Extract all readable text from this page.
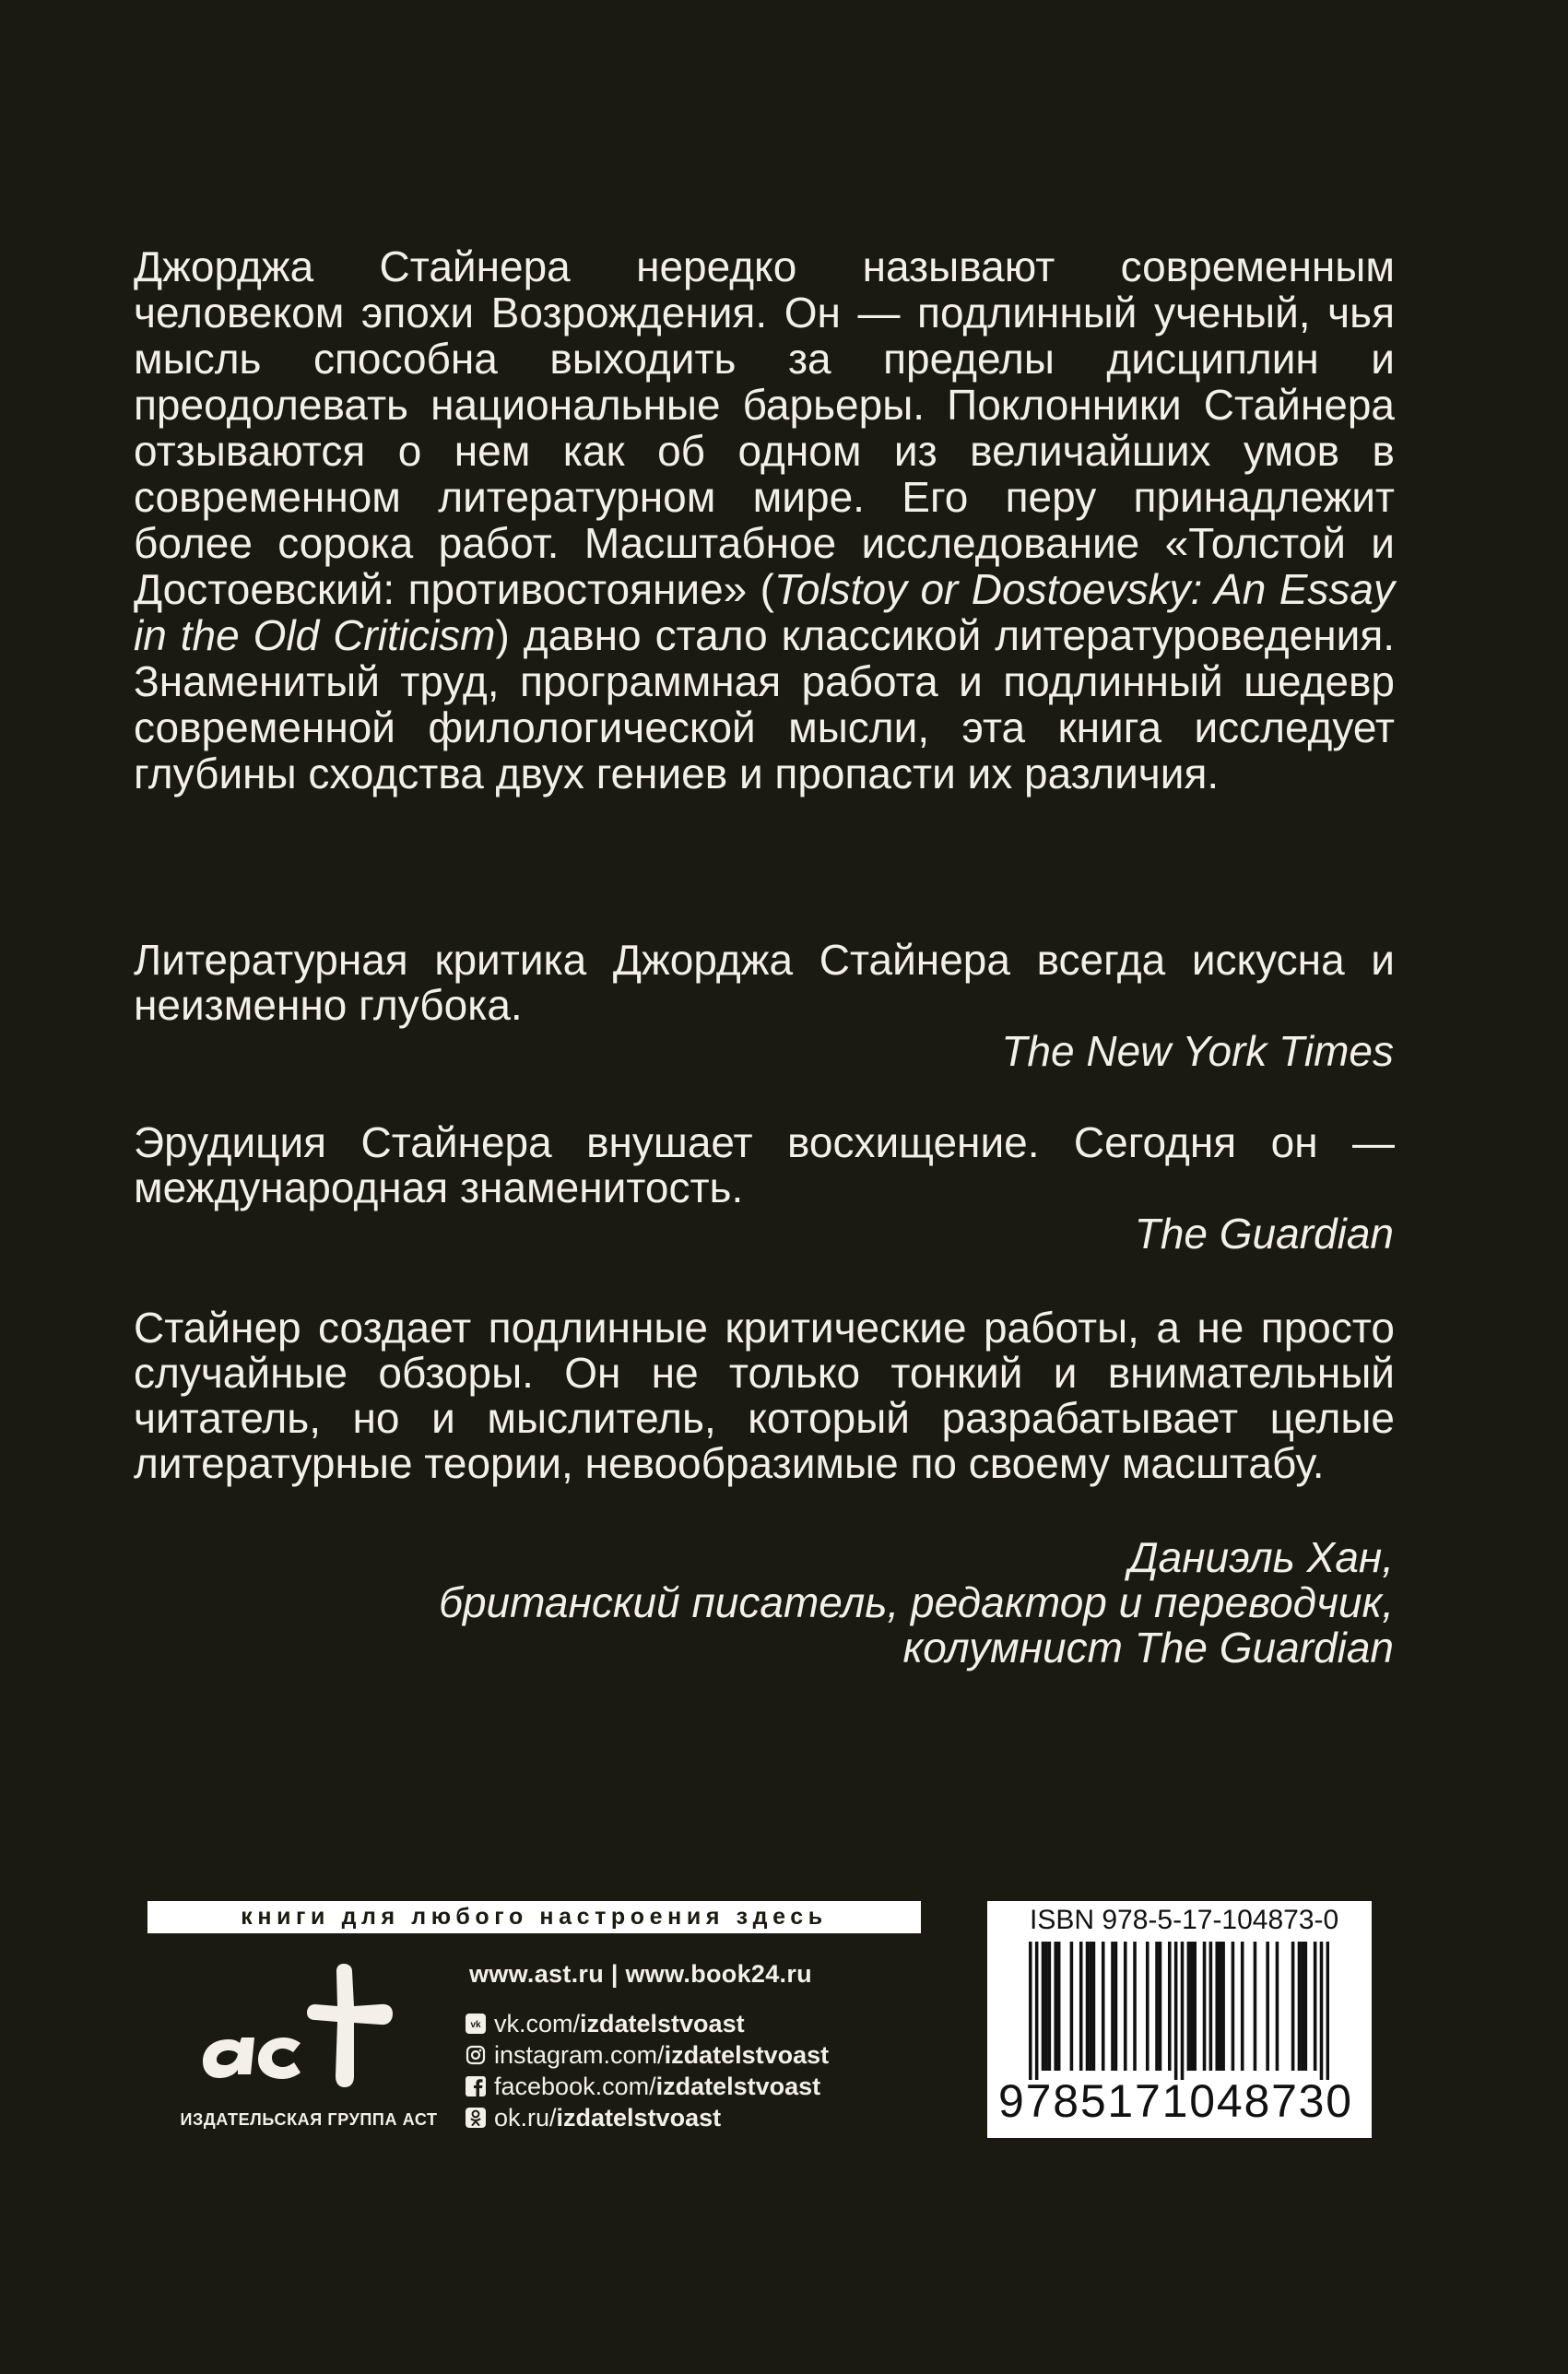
Джорджа Стайнера нередко называют современным человеком эпохи Возрождения. Он — подлинный ученый, чья мысль способна выходить за пределы дисциплин и преодолевать национальные барьеры. Поклонники Стайнера отзываются о нем как об одном из величайших умов в современном литературном мире. Его перу принадлежит более сорока работ. Масштабное исследование «Толстой и Достоевский: противостояние» (Tolstoy or Dostoevsky: An Essay in the Old Criticism) давно стало классикой литературоведения. Знаменитый труд, программная работа и подлинный шедевр современной филологической мысли, эта книга исследует глубины сходства двух гениев и пропасти их различия.

Литературная критика Джорджа Стайнера всегда искусна и неизменно глубока.

The New York Times

Эрудиция Стайнера внушает восхищение. Сегодня он — международная знаменитость.

The Guardian

Стайнер создает подлинные критические работы, а не просто случайные обзоры. Он не только тонкий и внимательный читатель, но и мыслитель, который разрабатывает целые литературные теории, невообразимые по своему масштабу.

Даниэль Хан,
британский писатель, редактор и переводчик,
колумнист The Guardian
книги для любого настроения здесь
ИЗДАТЕЛЬСКАЯ ГРУППА АСТ
www.ast.ru | www.book24.ru
vk vk.com/ izdatelstvoast
instagram.com/ izdatelstvoast
facebook.com/ izdatelstvoast
ok.ru/ izdatelstvoast
ISBN 978-5-17-104873-0
9785171048730
